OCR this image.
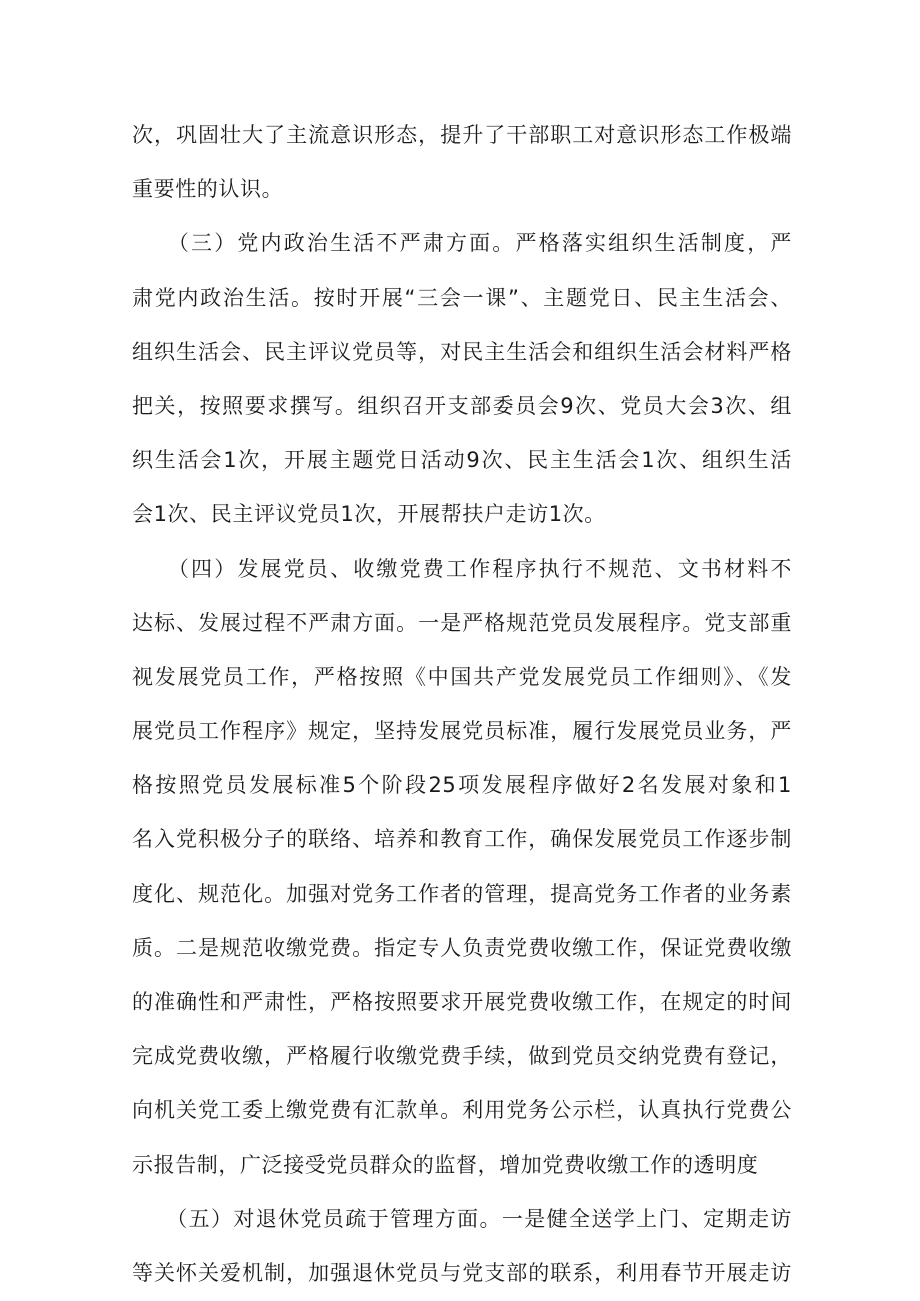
次，巩固壮大了主流意识形态，提升了干部职工对意识形态工作极端
重要性的认识。
　　（三）党内政治生活不严肃方面。严格落实组织生活制度，严
肃党内政治生活。按时开展“三会一课”、主题党日、民主生活会、
组织生活会、民主评议党员等，对民主生活会和组织生活会材料严格
把关，按照要求撰写。组织召开支部委员会9次、党员大会3次、组
织生活会1次，开展主题党日活动9次、民主生活会1次、组织生活
会1次、民主评议党员1次，开展帮扶户走访1次。
　　（四）发展党员、收缴党费工作程序执行不规范、文书材料不
达标、发展过程不严肃方面。一是严格规范党员发展程序。党支部重
视发展党员工作，严格按照《中国共产党发展党员工作细则》、《发
展党员工作程序》规定，坚持发展党员标准，履行发展党员业务，严
格按照党员发展标准5个阶段25项发展程序做好2名发展对象和1
名入党积极分子的联络、培养和教育工作，确保发展党员工作逐步制
度化、规范化。加强对党务工作者的管理，提高党务工作者的业务素
质。二是规范收缴党费。指定专人负责党费收缴工作，保证党费收缴
的准确性和严肃性，严格按照要求开展党费收缴工作，在规定的时间
完成党费收缴，严格履行收缴党费手续，做到党员交纳党费有登记，
向机关党工委上缴党费有汇款单。利用党务公示栏，认真执行党费公
示报告制，广泛接受党员群众的监督，增加党费收缴工作的透明度
　　（五）对退休党员疏于管理方面。一是健全送学上门、定期走访
等关怀关爱机制，加强退休党员与党支部的联系，利用春节开展走访
